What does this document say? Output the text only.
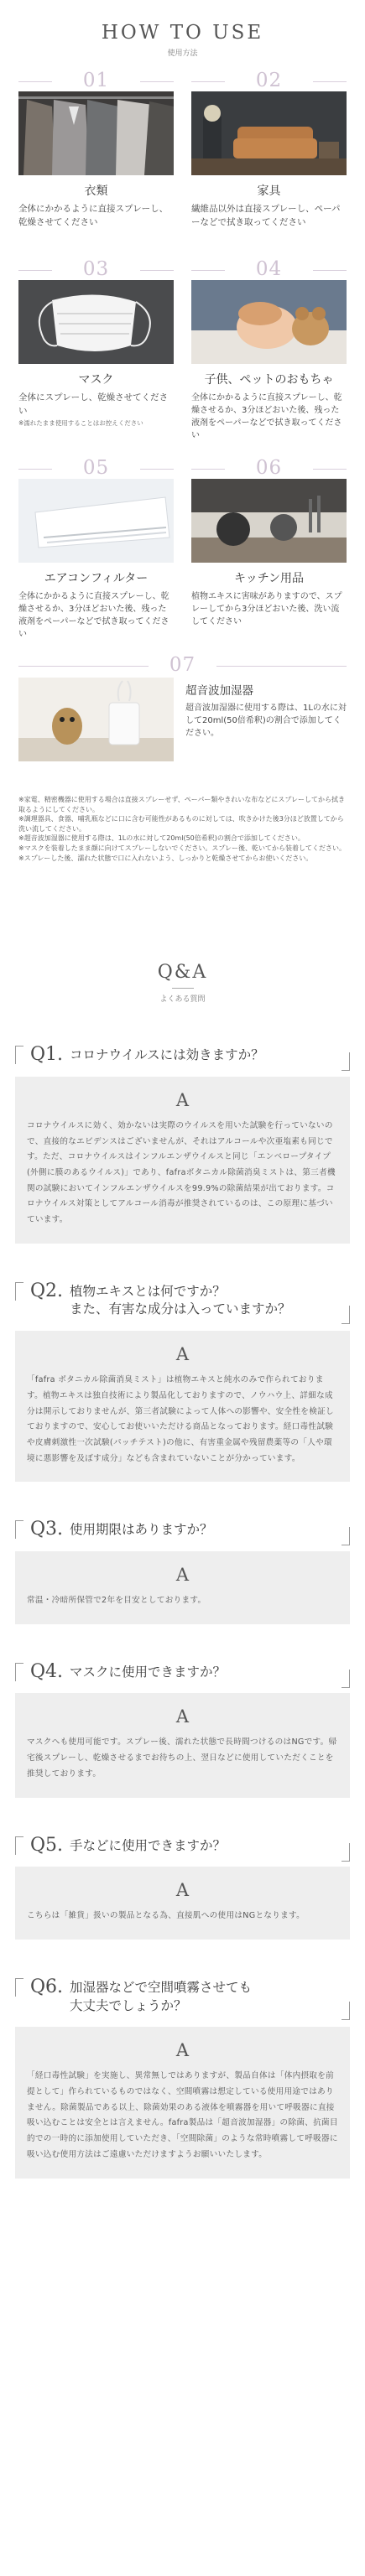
HOW TO USE
使用方法
01
衣類
全体にかかるように直接スプレーし、乾燥させてください
02
家具
繊維品以外は直接スプレーし、ペーパーなどで拭き取ってください
03
マスク
全体にスプレーし、乾燥させてください
※濡れたまま使用することはお控えください
04
子供、ペットのおもちゃ
全体にかかるように直接スプレーし、乾燥させるか、3分ほどおいた後、残った液剤をペーパーなどで拭き取ってください
05
エアコンフィルター
全体にかかるように直接スプレーし、乾燥させるか、3分ほどおいた後、残った液剤をペーパーなどで拭き取ってください
06
キッチン用品
植物エキスに害味がありますので、スプレーしてから3分ほどおいた後、洗い流してください
07
超音波加湿器
超音波加湿器に使用する際は、1Lの水に対して20ml(50倍希釈)の割合で添加してください。
※家電、精密機器に使用する場合は直接スプレーせず、ペーパー類やきれいな布などにスプレーしてから拭き取るようにしてください。
※調理器具、食器、哺乳瓶などに口に含む可能性があるものに対しては、吹きかけた後3分ほど放置してから洗い流してください。
※超音波加湿器に使用する際は、1Lの水に対して20ml(50倍希釈)の割合で添加してください。
※マスクを装着したまま顔に向けてスプレーしないでください。スプレー後、乾いてから装着してください。
※スプレーした後、濡れた状態で口に入れないよう、しっかりと乾燥させてからお使いください。
Q&A
よくある質問
Q1. コロナウイルスには効きますか？
A
コロナウイルスに効く、効かないは実際のウイルスを用いた試験を行っていないので、直接的なエビデンスはございませんが、それはアルコールや次亜塩素も同じです。ただ、コロナウイルスはインフルエンザウイルスと同じ「エンベロープタイプ(外側に膜のあるウイルス)」であり、fafraボタニカル除菌消臭ミストは、第三者機関の試験においてインフルエンザウイルスを99.9%の除菌結果が出ております。コロナウイルス対策としてアルコール消毒が推奨されているのは、この原理に基づいています。
Q2. 植物エキスとは何ですか？
また、有害な成分は入っていますか？
A
「fafra ボタニカル除菌消臭ミスト」は植物エキスと純水のみで作られております。植物エキスは独自技術により製品化しておりますので、ノウハウ上、詳細な成分は開示しておりませんが、第三者試験によって人体への影響や、安全性を検証しておりますので、安心してお使いいただける商品となっております。経口毒性試験や皮膚刺激性一次試験(パッチテスト)の他に、有害重金属や残留農薬等の「人や環境に悪影響を及ぼす成分」なども含まれていないことが分かっています。
Q3. 使用期限はありますか？
A
常温・冷暗所保管で2年を目安としております。
Q4. マスクに使用できますか？
A
マスクへも使用可能です。スプレー後、濡れた状態で長時間つけるのはNGです。帰宅後スプレーし、乾燥させるまでお待ちの上、翌日などに使用していただくことを推奨しております。
Q5. 手などに使用できますか？
A
こちらは「雑貨」扱いの製品となる為、直接肌への使用はNGとなります。
Q6. 加湿器などで空間噴霧させても
大丈夫でしょうか？
A
「経口毒性試験」を実施し、異常無しではありますが、製品自体は「体内摂取を前提として」作られているものではなく、空間噴霧は想定している使用用途ではありません。除菌製品である以上、除菌効果のある液体を噴霧器を用いて呼吸器に直接吸い込むことは安全とは言えません。fafra製品は「超音波加湿器」の除菌、抗菌目的での一時的に添加使用していただき、「空間除菌」のような常時噴霧して呼吸器に吸い込む使用方法はご遠慮いただけますようお願いいたします。
